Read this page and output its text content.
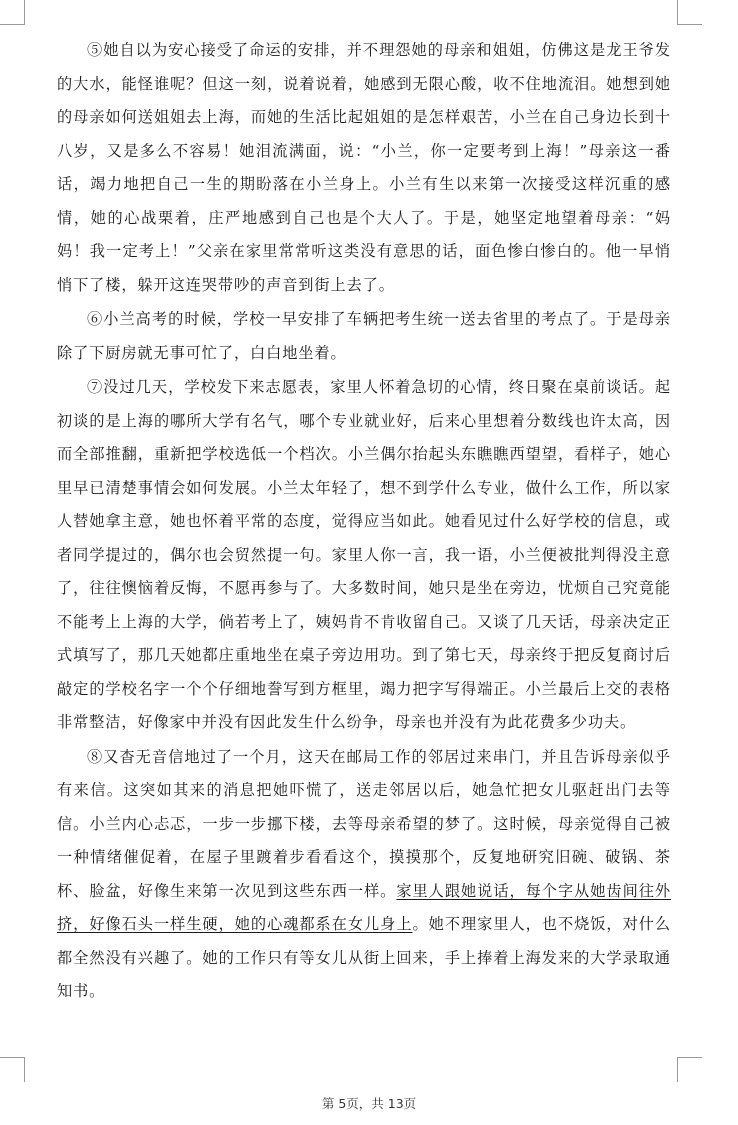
⑤她自以为安心接受了命运的安排，并不理怨她的母亲和姐姐，仿佛这是龙王爷发的大水，能怪谁呢？但这一刻，说着说着，她感到无限心酸，收不住地流泪。她想到她的母亲如何送姐姐去上海，而她的生活比起姐姐的是怎样艰苦，小兰在自己身边长到十八岁，又是多么不容易！她泪流满面，说：“小兰，你一定要考到上海！”母亲这一番话，竭力地把自己一生的期盼落在小兰身上。小兰有生以来第一次接受这样沉重的感情，她的心战栗着，庄严地感到自己也是个大人了。于是，她坚定地望着母亲：“妈妈！我一定考上！”父亲在家里常常听这类没有意思的话，面色惨白惨白的。他一早悄悄下了楼，躲开这连哭带吵的声音到街上去了。

⑥小兰高考的时候，学校一早安排了车辆把考生统一送去省里的考点了。于是母亲除了下厨房就无事可忙了，白白地坐着。

⑦没过几天，学校发下来志愿表，家里人怀着急切的心情，终日聚在桌前谈话。起初谈的是上海的哪所大学有名气，哪个专业就业好，后来心里想着分数线也许太高，因而全部推翻，重新把学校选低一个档次。小兰偶尔抬起头东瞧瞧西望望，看样子，她心里早已清楚事情会如何发展。小兰太年轻了，想不到学什么专业，做什么工作，所以家人替她拿主意，她也怀着平常的态度，觉得应当如此。她看见过什么好学校的信息，或者同学提过的，偶尔也会贸然提一句。家里人你一言，我一语，小兰便被批判得没主意了，往往懊恼着反悔，不愿再参与了。大多数时间，她只是坐在旁边，忧烦自己究竟能不能考上上海的大学，倘若考上了，姨妈肯不肯收留自己。又谈了几天话，母亲决定正式填写了，那几天她都庄重地坐在桌子旁边用功。到了第七天，母亲终于把反复商讨后敲定的学校名字一个个仔细地誊写到方框里，竭力把字写得端正。小兰最后上交的表格非常整洁，好像家中并没有因此发生什么纷争，母亲也并没有为此花费多少功夫。

⑧又杳无音信地过了一个月，这天在邮局工作的邻居过来串门，并且告诉母亲似乎有来信。这突如其来的消息把她吓慌了，送走邻居以后，她急忙把女儿驱赶出门去等信。小兰内心忐忑，一步一步挪下楼，去等母亲希望的梦了。这时候，母亲觉得自己被一种情绪催促着，在屋子里踱着步看看这个，摸摸那个，反复地研究旧碗、破锅、茶杯、脸盆，好像生来第一次见到这些东西一样。家里人跟她说话，每个字从她齿间往外挤，好像石头一样生硬，她的心魂都系在女儿身上。她不理家里人，也不烧饭，对什么都全然没有兴趣了。她的工作只有等女儿从街上回来，手上捧着上海发来的大学录取通知书。

第 5页，共 13页
